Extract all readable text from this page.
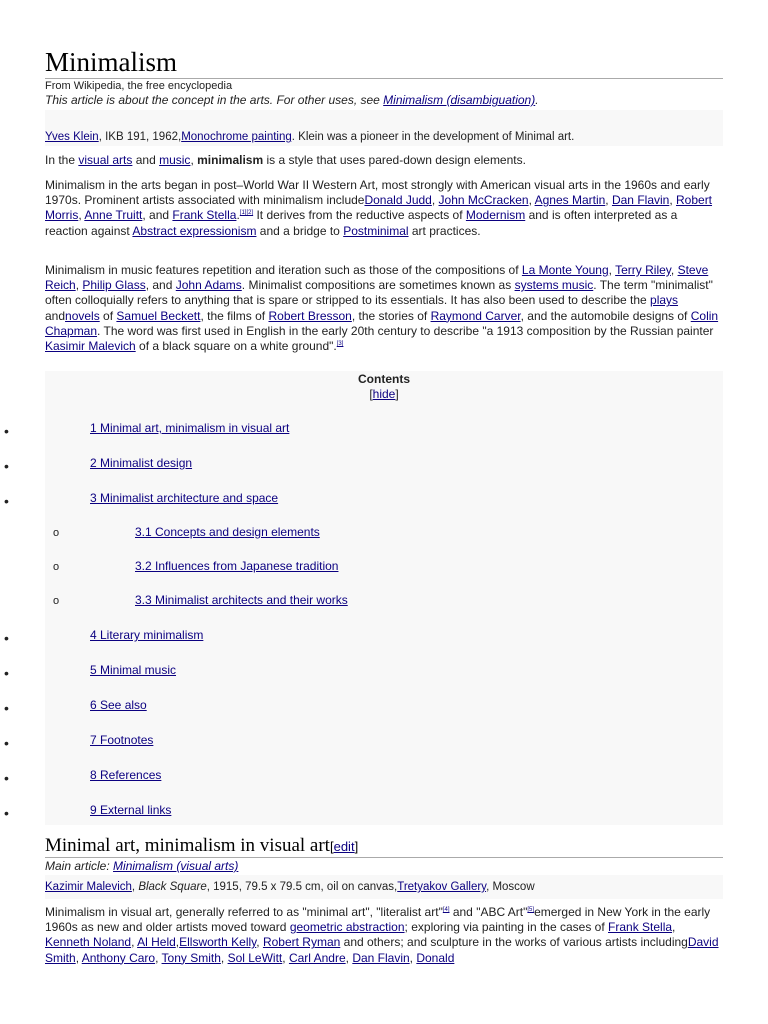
Minimalism
From Wikipedia, the free encyclopedia
This article is about the concept in the arts. For other uses, see Minimalism (disambiguation).
Yves Klein, IKB 191, 1962,Monochrome painting. Klein was a pioneer in the development of Minimal art.

In the visual arts and music, minimalism is a style that uses pared-down design elements.

Minimalism in the arts began in post–World War II Western Art, most strongly with American visual arts in the 1960s and early 1970s. Prominent artists associated with minimalism includeDonald Judd, John McCracken, Agnes Martin, Dan Flavin, Robert Morris, Anne Truitt, and Frank Stella.[1][2] It derives from the reductive aspects of Modernism and is often interpreted as a reaction against Abstract expressionism and a bridge to Postminimal art practices.

Minimalism in music features repetition and iteration such as those of the compositions of La Monte Young, Terry Riley, Steve Reich, Philip Glass, and John Adams. Minimalist compositions are sometimes known as systems music. The term "minimalist" often colloquially refers to anything that is spare or stripped to its essentials. It has also been used to describe the plays andnovels of Samuel Beckett, the films of Robert Bresson, the stories of Raymond Carver, and the automobile designs of Colin Chapman. The word was first used in English in the early 20th century to describe "a 1913 composition by the Russian painter Kasimir Malevich of a black square on a white ground".[3]

Contents
[hide]
•	1 Minimal art, minimalism in visual art
•	2 Minimalist design
•	3 Minimalist architecture and space
o	3.1 Concepts and design elements
o	3.2 Influences from Japanese tradition
o	3.3 Minimalist architects and their works
•	4 Literary minimalism
•	5 Minimal music
•	6 See also
•	7 Footnotes
•	8 References
•	9 External links
Minimal art, minimalism in visual art[edit]
Main article: Minimalism (visual arts)
Kazimir Malevich, Black Square, 1915, 79.5 x 79.5 cm, oil on canvas,Tretyakov Gallery, Moscow

Minimalism in visual art, generally referred to as "minimal art", "literalist art"[4] and "ABC Art"[5]emerged in New York in the early 1960s as new and older artists moved toward geometric abstraction; exploring via painting in the cases of Frank Stella, Kenneth Noland, Al Held,Ellsworth Kelly, Robert Ryman and others; and sculpture in the works of various artists includingDavid Smith, Anthony Caro, Tony Smith, Sol LeWitt, Carl Andre, Dan Flavin, Donald
